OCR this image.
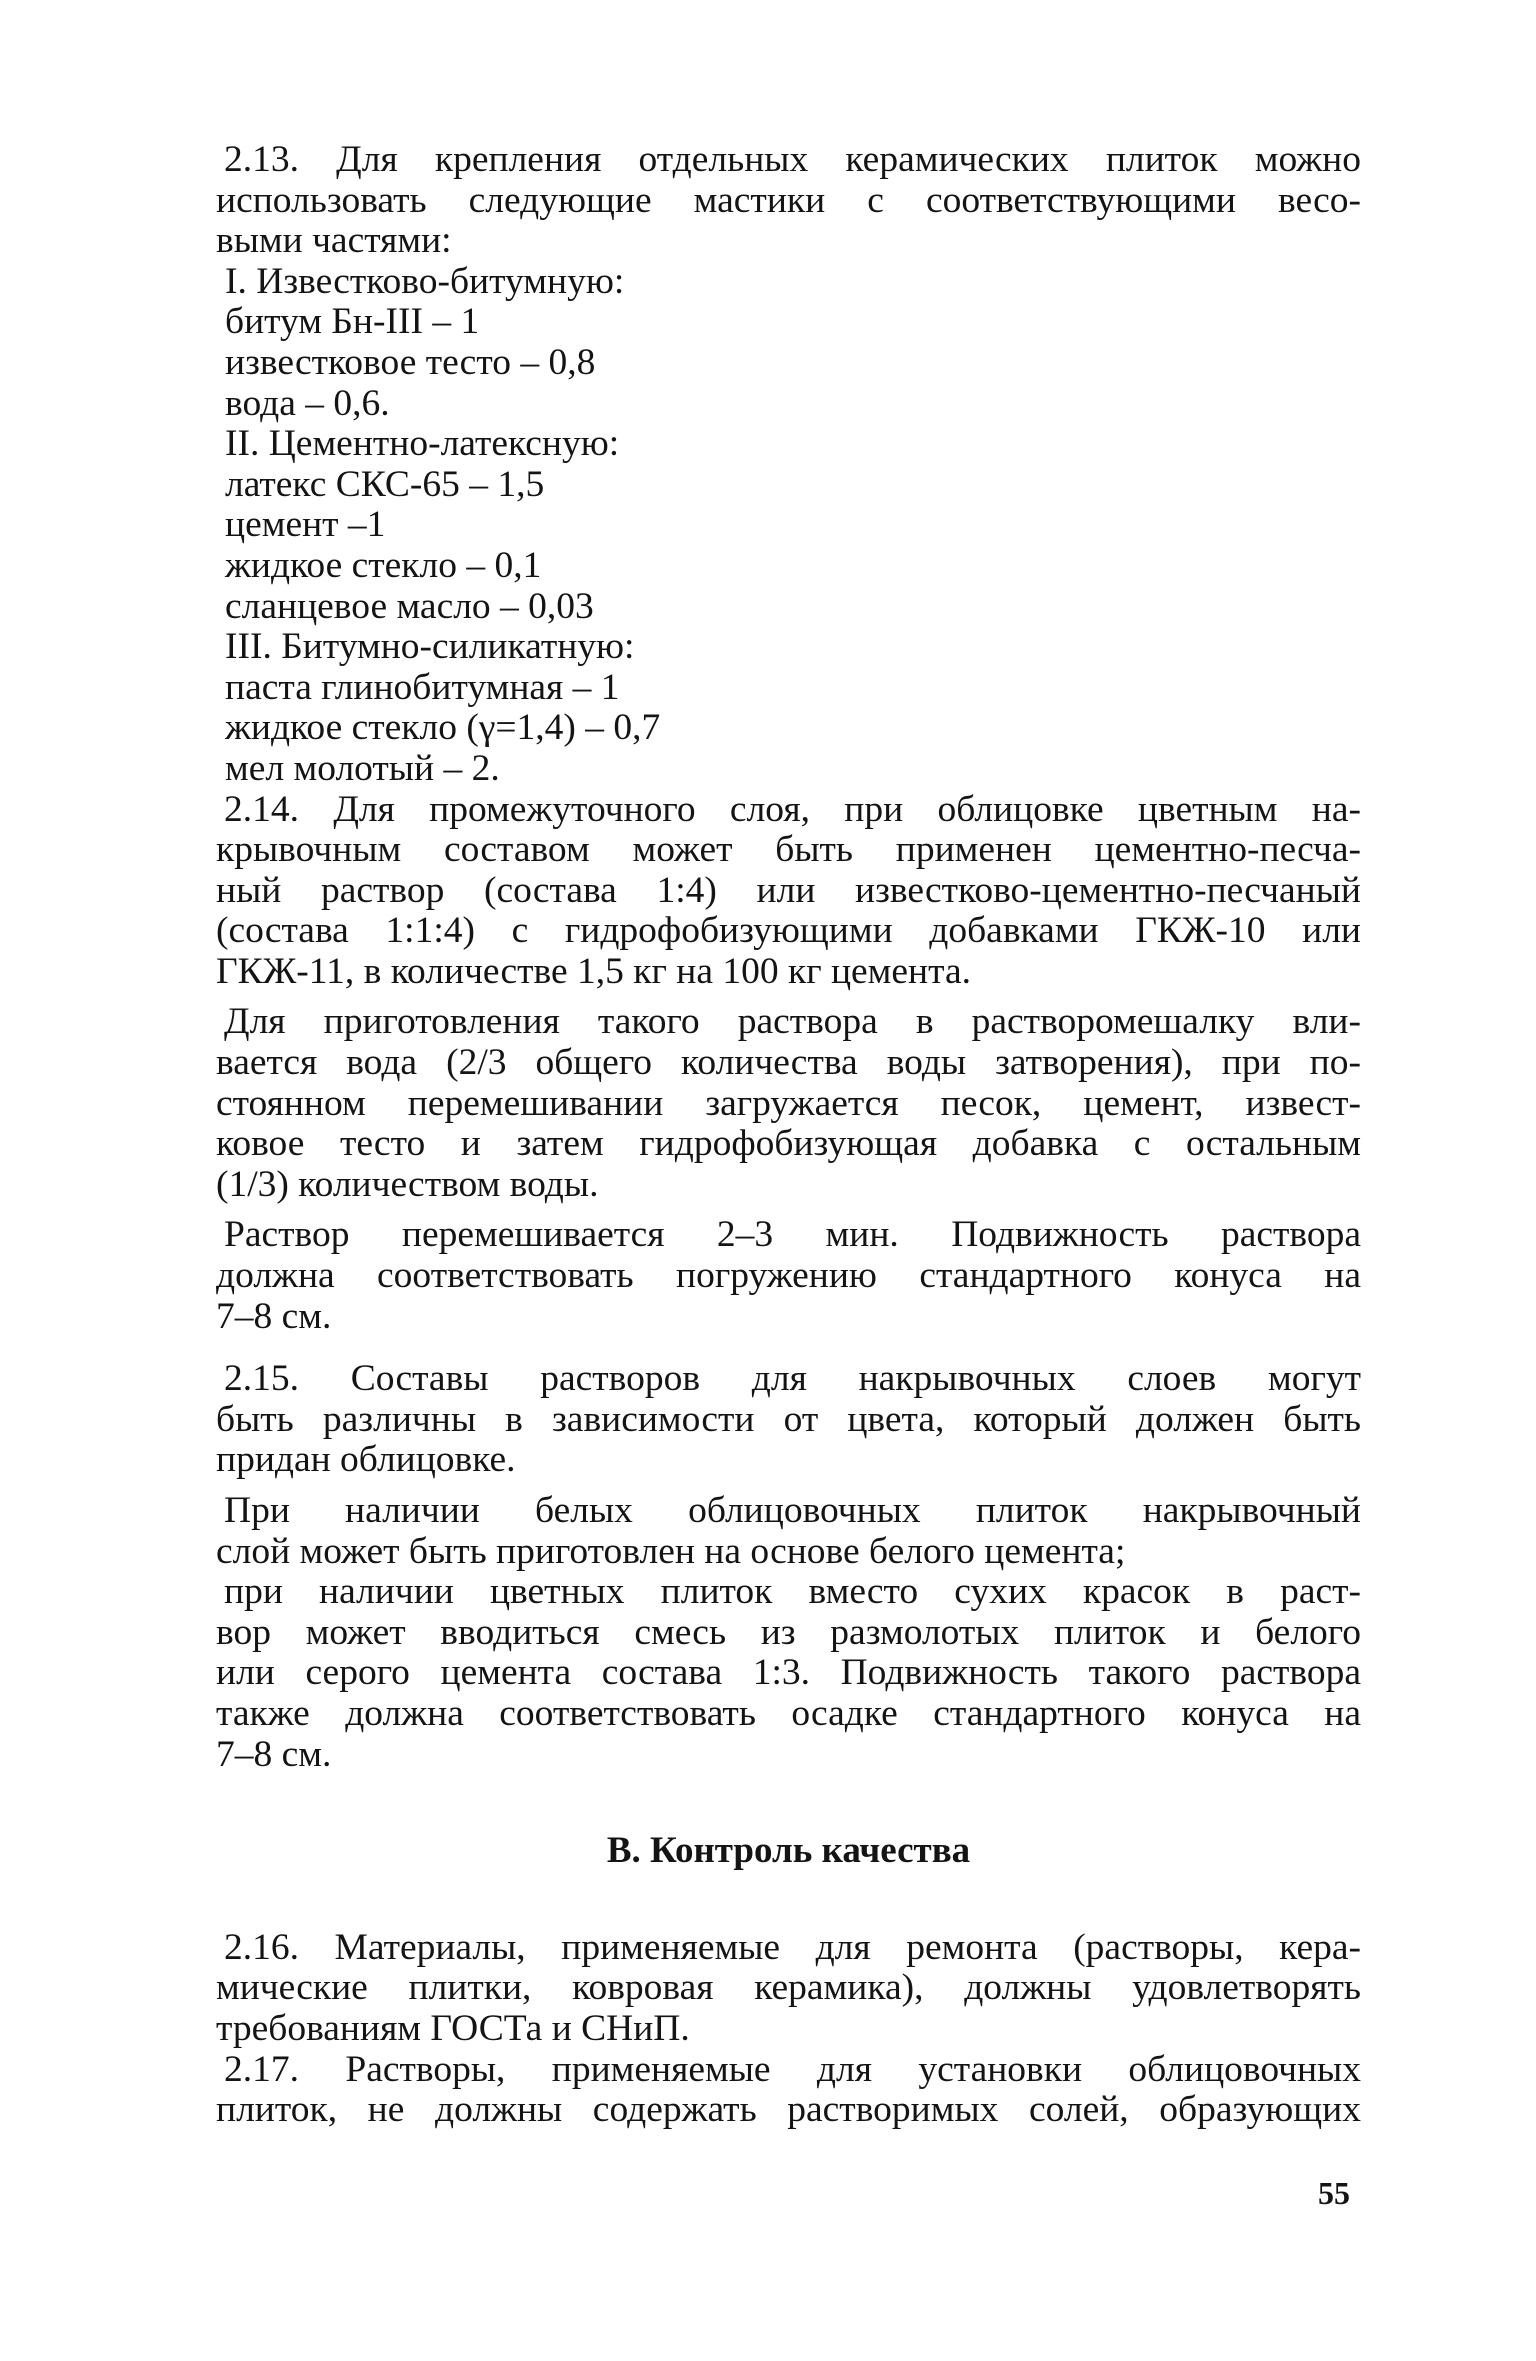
2.13. Для крепления отдельных керамических плиток можно
использовать следующие мастики с соответствующими весо-
выми частями:
I. Известково-битумную:
битум Бн-III – 1
известковое тесто – 0,8
вода – 0,6.
II. Цементно-латексную:
латекс СКС-65 – 1,5
цемент –1
жидкое стекло – 0,1
сланцевое масло – 0,03
III. Битумно-силикатную:
паста глинобитумная – 1
жидкое стекло (γ=1,4) – 0,7
мел молотый – 2.
2.14. Для промежуточного слоя, при облицовке цветным на-
крывочным составом может быть применен цементно-песча-
ный раствор (состава 1:4) или известково-цементно-песчаный
(состава 1:1:4) с гидрофобизующими добавками ГКЖ-10 или
ГКЖ-11, в количестве 1,5 кг на 100 кг цемента.
Для приготовления такого раствора в растворомешалку вли-
вается вода (2/3 общего количества воды затворения), при по-
стоянном перемешивании загружается песок, цемент, извест-
ковое тесто и затем гидрофобизующая добавка с остальным
(1/3) количеством воды.
Раствор перемешивается 2–3 мин. Подвижность раствора
должна соответствовать погружению стандартного конуса на
7–8 см.
2.15. Составы растворов для накрывочных слоев могут
быть различны в зависимости от цвета, который должен быть
придан облицовке.
При наличии белых облицовочных плиток накрывочный
слой может быть приготовлен на основе белого цемента;
при наличии цветных плиток вместо сухих красок в раст-
вор может вводиться смесь из размолотых плиток и белого
или серого цемента состава 1:3. Подвижность такого раствора
также должна соответствовать осадке стандартного конуса на
7–8 см.
В. Контроль качества
2.16. Материалы, применяемые для ремонта (растворы, кера-
мические плитки, ковровая керамика), должны удовлетворять
требованиям ГОСТа и СНиП.
2.17. Растворы, применяемые для установки облицовочных
плиток, не должны содержать растворимых солей, образующих
55
